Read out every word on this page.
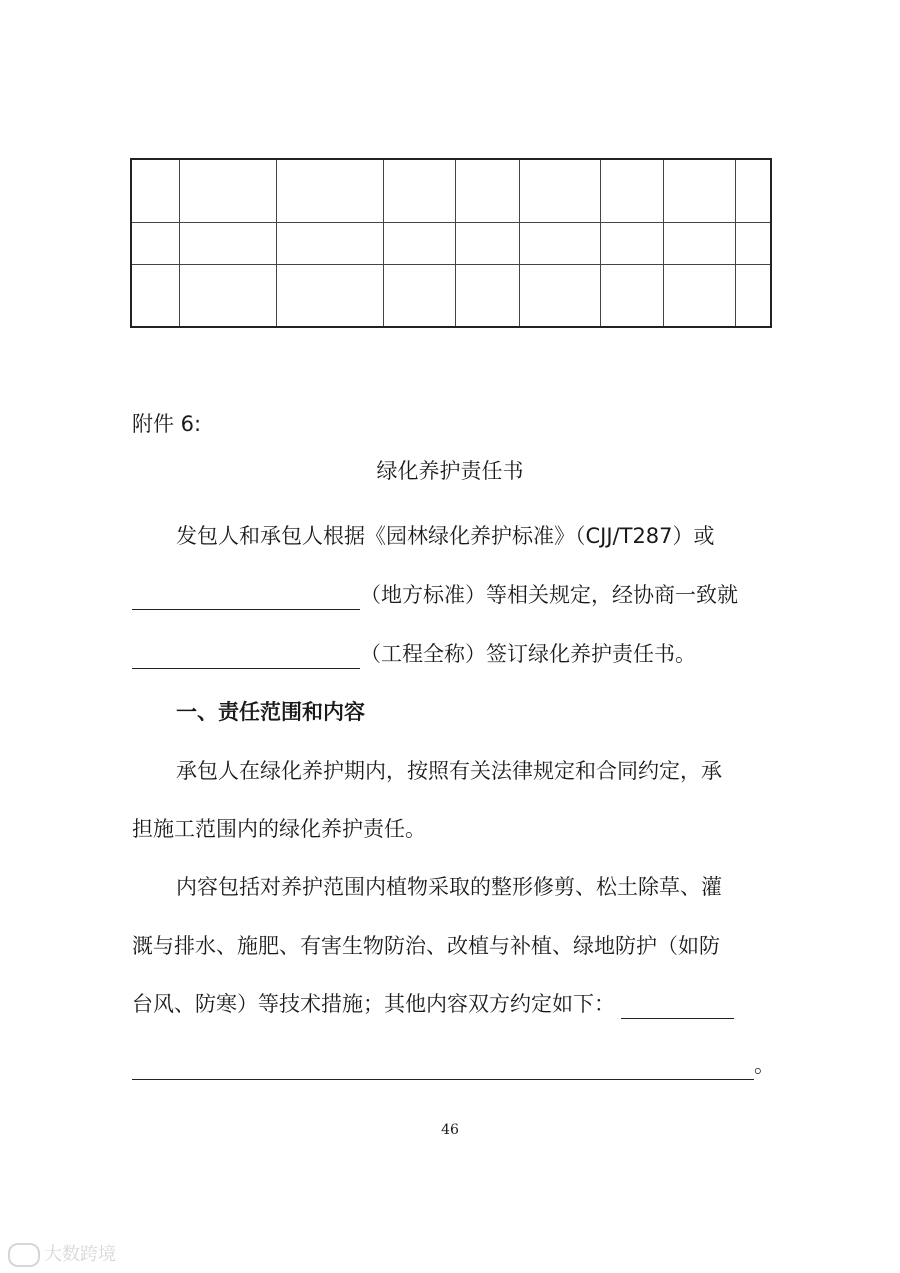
附件 6:
绿化养护责任书
发包人和承包人根据《园林绿化养护标准》（CJJ/T287）或
（地方标准）等相关规定，经协商一致就
（工程全称）签订绿化养护责任书。
一、责任范围和内容
承包人在绿化养护期内，按照有关法律规定和合同约定，承
担施工范围内的绿化养护责任。
内容包括对养护范围内植物采取的整形修剪、松土除草、灌
溉与排水、施肥、有害生物防治、改植与补植、绿地防护（如防
台风、防寒）等技术措施；其他内容双方约定如下：
。
46
大数跨境
